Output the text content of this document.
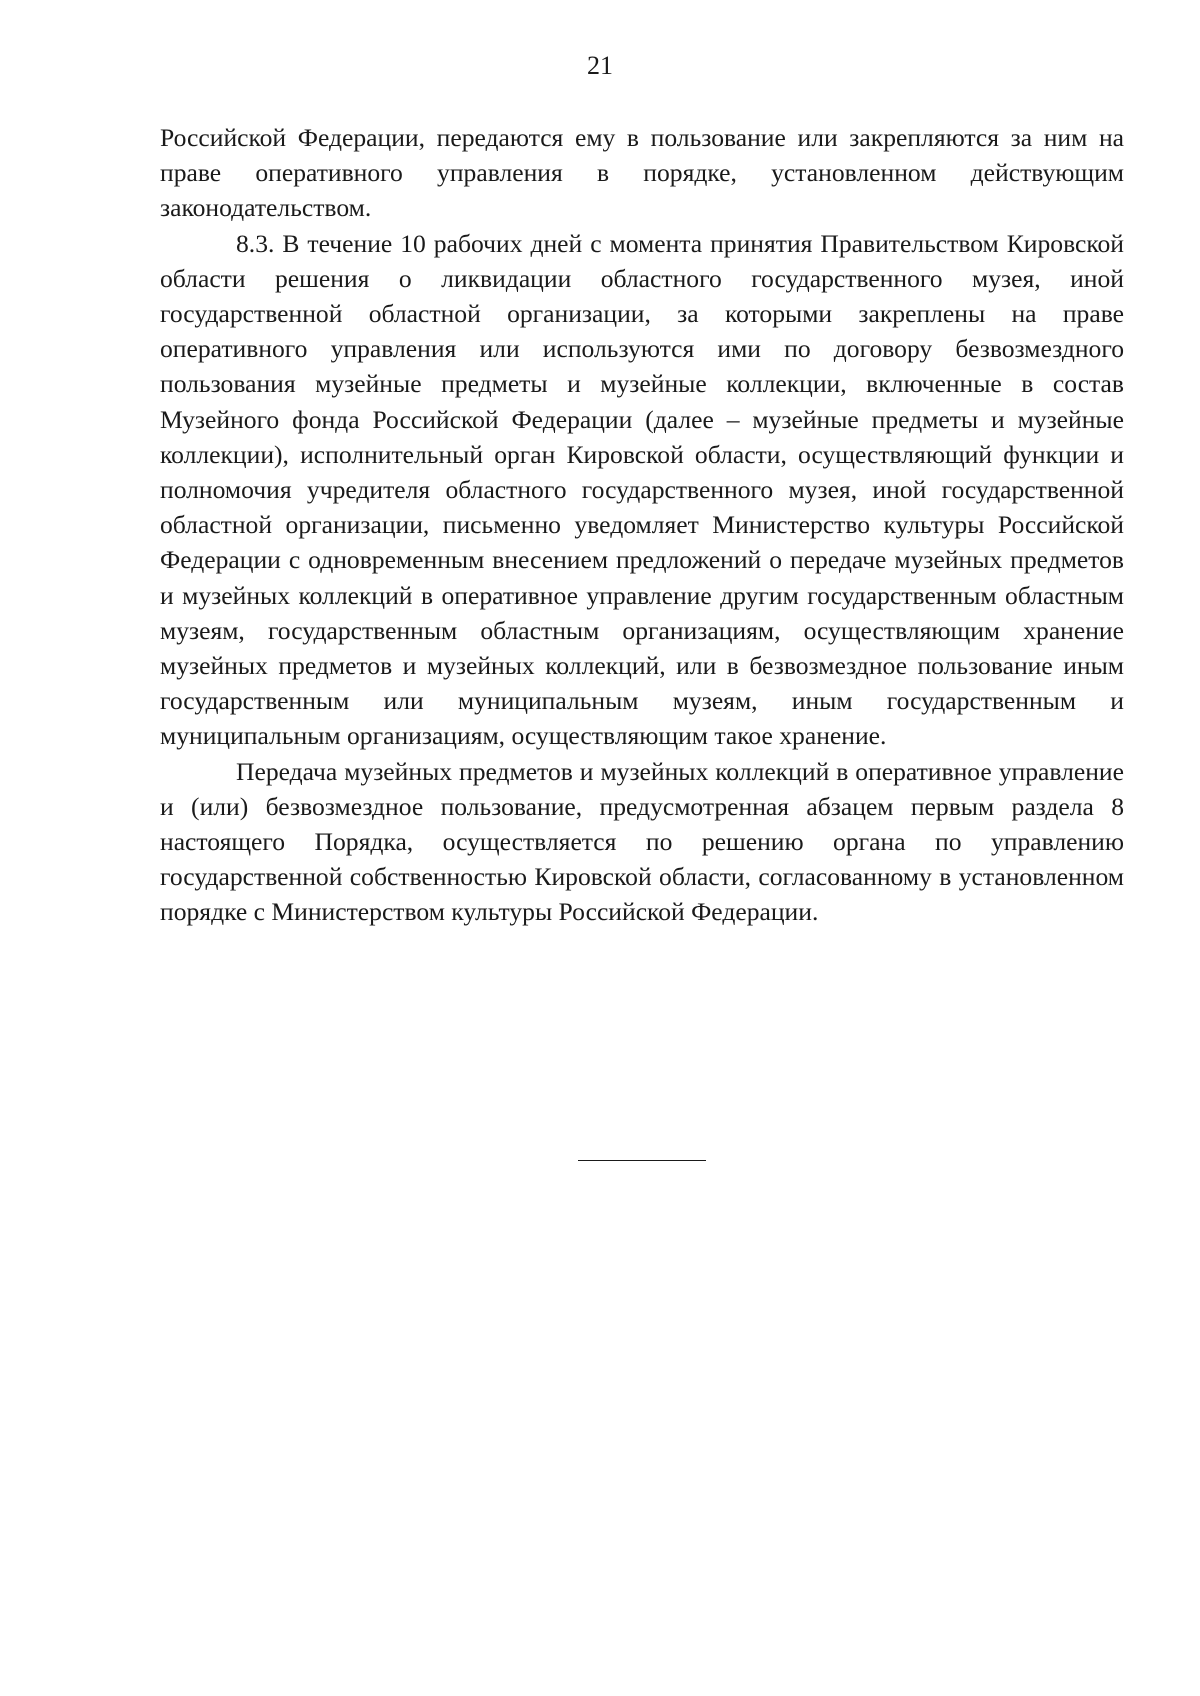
21

Российской Федерации, передаются ему в пользование или закрепляются за ним на праве оперативного управления в порядке, установленном действующим законодательством.

8.3. В течение 10 рабочих дней с момента принятия Правительством Кировской области решения о ликвидации областного государственного музея, иной государственной областной организации, за которыми закреплены на праве оперативного управления или используются ими по договору безвозмездного пользования музейные предметы и музейные коллекции, включенные в состав Музейного фонда Российской Федерации (далее – музейные предметы и музейные коллекции), исполнительный орган Кировской области, осуществляющий функции и полномочия учредителя областного государственного музея, иной государственной областной организации, письменно уведомляет Министерство культуры Российской Федерации с одновременным внесением предложений о передаче музейных предметов и музейных коллекций в оперативное управление другим государственным областным музеям, государственным областным организациям, осуществляющим хранение музейных предметов и музейных коллекций, или в безвозмездное пользование иным государственным или муниципальным музеям, иным государственным и муниципальным организациям, осуществляющим такое хранение.

Передача музейных предметов и музейных коллекций в оперативное управление и (или) безвозмездное пользование, предусмотренная абзацем первым раздела 8 настоящего Порядка, осуществляется по решению органа по управлению государственной собственностью Кировской области, согласованному в установленном порядке с Министерством культуры Российской Федерации.
